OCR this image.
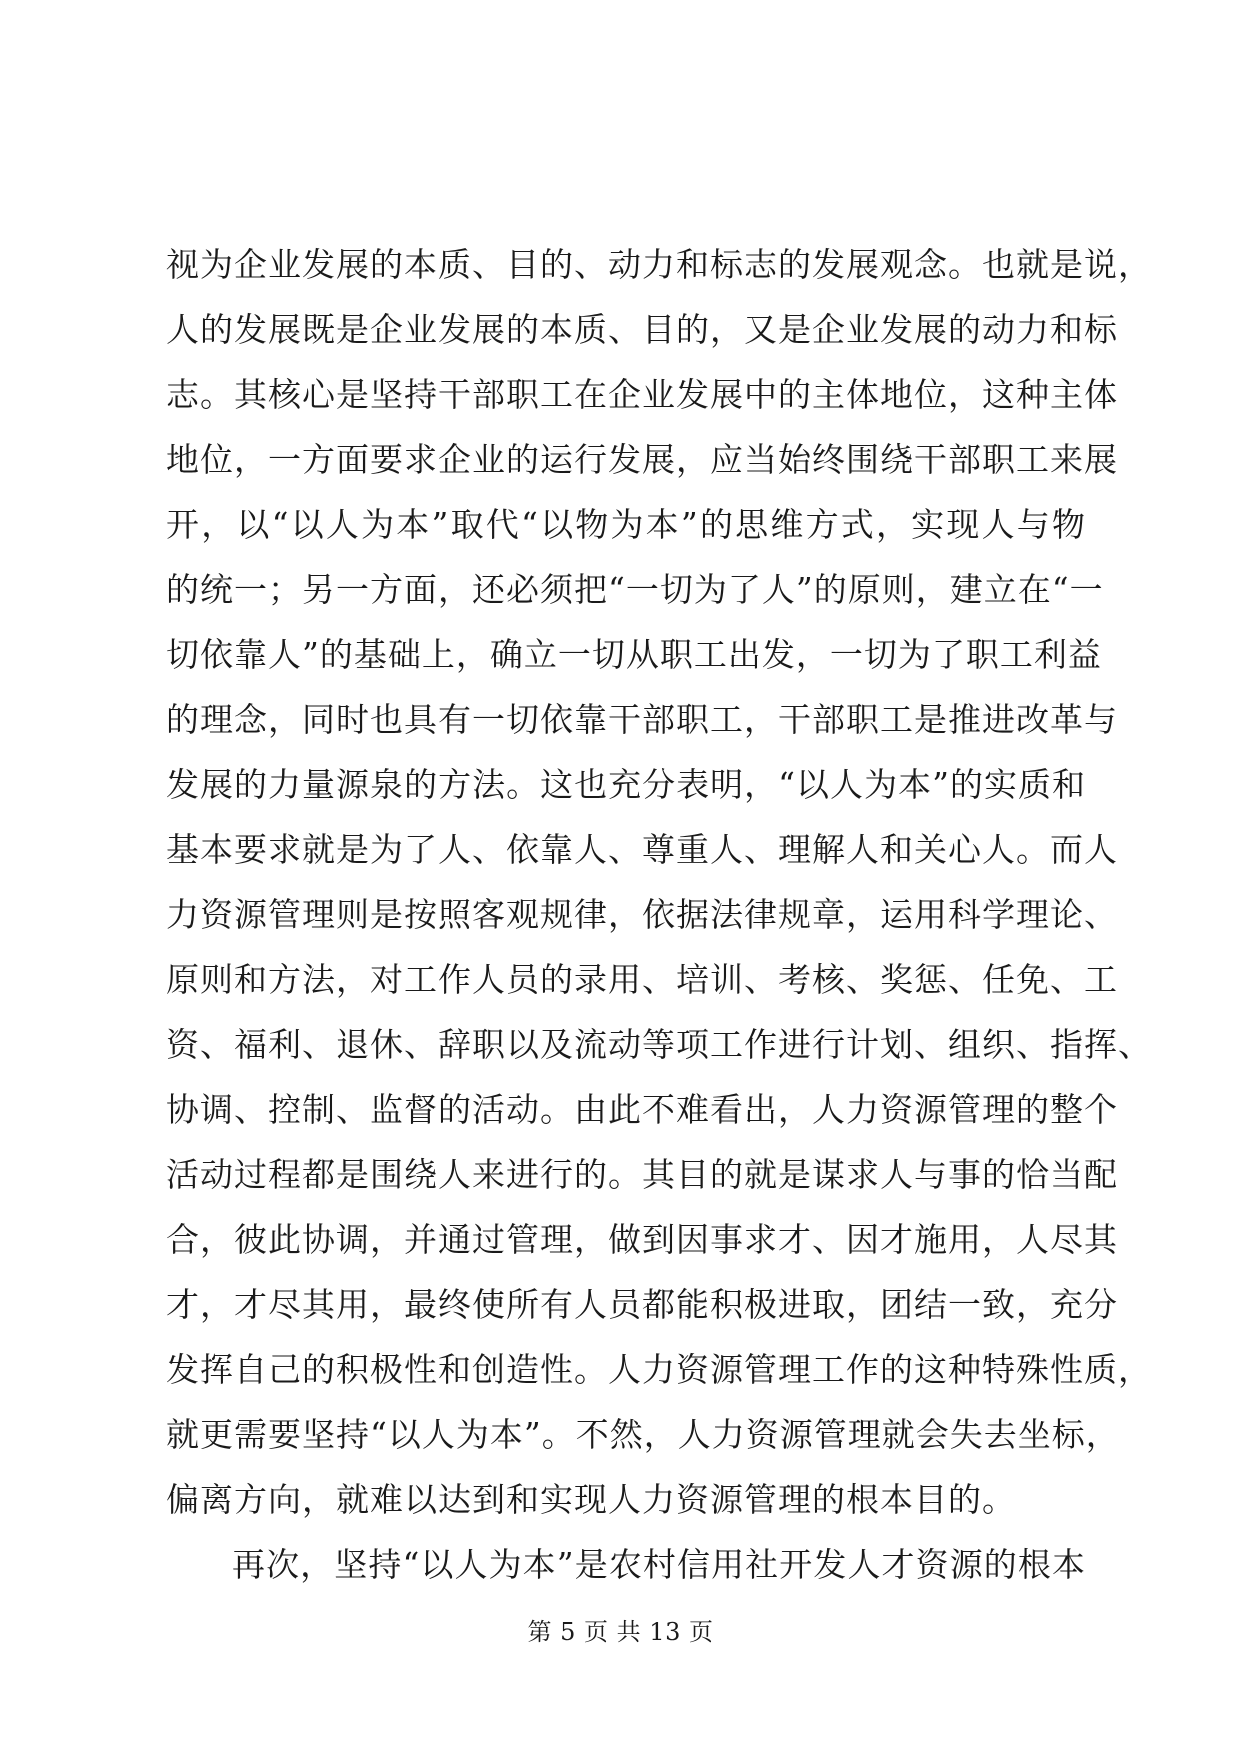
视为企业发展的本质、目的、动力和标志的发展观念。也就是说，
人的发展既是企业发展的本质、目的，又是企业发展的动力和标
志。其核心是坚持干部职工在企业发展中的主体地位，这种主体
地位，一方面要求企业的运行发展，应当始终围绕干部职工来展
开，以“以人为本”取代“以物为本”的思维方式，实现人与物
的统一；另一方面，还必须把“一切为了人”的原则，建立在“一
切依靠人”的基础上，确立一切从职工出发，一切为了职工利益
的理念，同时也具有一切依靠干部职工，干部职工是推进改革与
发展的力量源泉的方法。这也充分表明，“以人为本”的实质和
基本要求就是为了人、依靠人、尊重人、理解人和关心人。而人
力资源管理则是按照客观规律，依据法律规章，运用科学理论、
原则和方法，对工作人员的录用、培训、考核、奖惩、任免、工
资、福利、退休、辞职以及流动等项工作进行计划、组织、指挥、
协调、控制、监督的活动。由此不难看出，人力资源管理的整个
活动过程都是围绕人来进行的。其目的就是谋求人与事的恰当配
合，彼此协调，并通过管理，做到因事求才、因才施用，人尽其
才，才尽其用，最终使所有人员都能积极进取，团结一致，充分
发挥自己的积极性和创造性。人力资源管理工作的这种特殊性质，
就更需要坚持“以人为本”。不然，人力资源管理就会失去坐标，
偏离方向，就难以达到和实现人力资源管理的根本目的。
再次，坚持“以人为本”是农村信用社开发人才资源的根本
第 5 页 共 13 页
